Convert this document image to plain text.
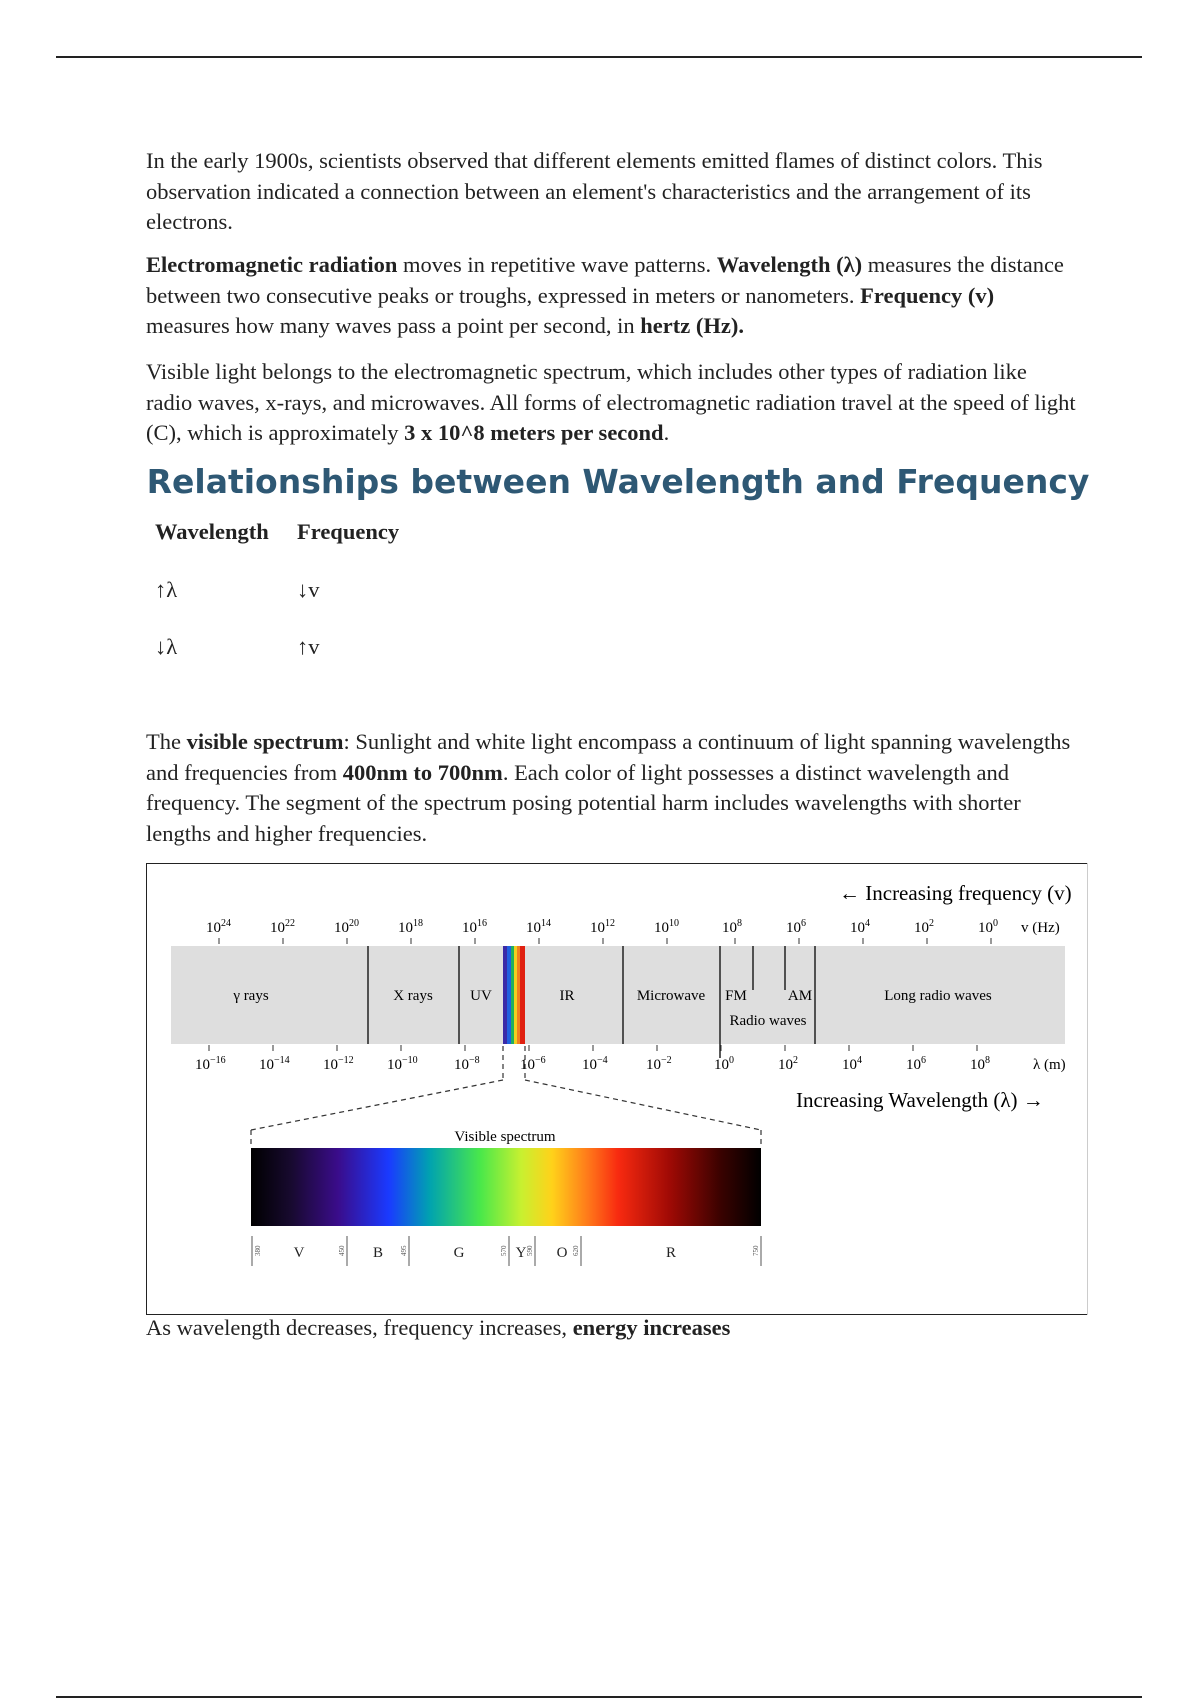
In the early 1900s, scientists observed that different elements emitted flames of distinct colors. This observation indicated a connection between an element's characteristics and the arrangement of its electrons.

Electromagnetic radiation moves in repetitive wave patterns. Wavelength (λ) measures the distance between two consecutive peaks or troughs, expressed in meters or nanometers. Frequency (v) measures how many waves pass a point per second, in hertz (Hz).

Visible light belongs to the electromagnetic spectrum, which includes other types of radiation like radio waves, x-rays, and microwaves. All forms of electromagnetic radiation travel at the speed of light (C), which is approximately 3 x 10^8 meters per second.

Relationships between Wavelength and Frequency
Wavelength Frequency
↑λ	↓v
↓λ	↑v

The visible spectrum: Sunlight and white light encompass a continuum of light spanning wavelengths and frequencies from 400nm to 700nm. Each color of light possesses a distinct wavelength and frequency. The segment of the spectrum posing potential harm includes wavelengths with shorter lengths and higher frequencies.

← Increasing frequency (v)
$10^{24}$	$10^{22}$	$10^{20}$	$10^{18}$	$10^{16}$	$10^{14}$	$10^{12}$	$10^{10}$	$10^8$	$10^6$	$10^4$	$10^2$	$10^0$ v (Hz)
γ rays	X rays UV	IR	Microwave FM	AM
Radio waves
Long radio waves
$10^{-16}$ $10^{-14}$ $10^{-12}$ $10^{-10}$ $10^{-8}$	$10^{-6}$ $10^{-4}$	$10^{-2}$	$10^0$	$10^2$	$10^4$	$10^6$	$10^8$	λ (m)
Increasing Wavelength (λ) →
Visible spectrum
380	450	495	570	590	620	750
V	B	G	Y O	R
As wavelength decreases, frequency increases, energy increases
